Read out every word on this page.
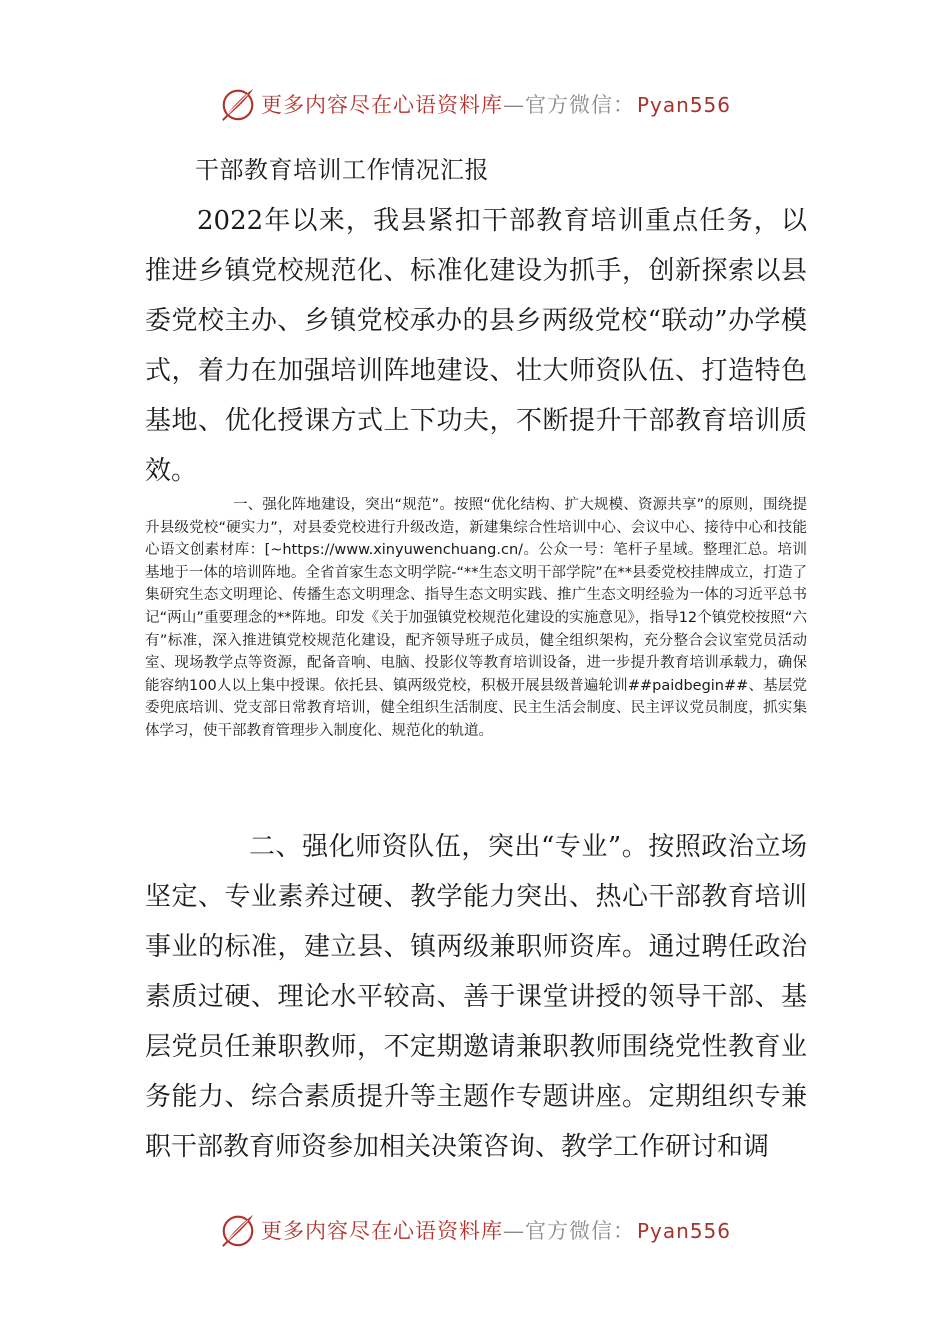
更多内容尽在心语资料库—官方微信： Pyan556
干部教育培训工作情况汇报

2022年以来，我县紧扣干部教育培训重点任务，以推进乡镇党校规范化、标准化建设为抓手，创新探索以县委党校主办、乡镇党校承办的县乡两级党校“联动”办学模式，着力在加强培训阵地建设、壮大师资队伍、打造特色基地、优化授课方式上下功夫，不断提升干部教育培训质效。

一、强化阵地建设，突出“规范”。按照“优化结构、扩大规模、资源共享”的原则，围绕提升县级党校“硬实力”，对县委党校进行升级改造，新建集综合性培训中心、会议中心、接待中心和技能心语文创素材库：[~https://www.xinyuwenchuang.cn/。公众一号：笔杆子星域。整理汇总。培训基地于一体的培训阵地。全省首家生态文明学院-“**生态文明干部学院”在**县委党校挂牌成立，打造了集研究生态文明理论、传播生态文明理念、指导生态文明实践、推广生态文明经验为一体的习近平总书记“两山”重要理念的**阵地。印发《关于加强镇党校规范化建设的实施意见》，指导12个镇党校按照“六有”标准，深入推进镇党校规范化建设，配齐领导班子成员，健全组织架构，充分整合会议室党员活动室、现场教学点等资源，配备音响、电脑、投影仪等教育培训设备，进一步提升教育培训承载力，确保能容纳100人以上集中授课。依托县、镇两级党校，积极开展县级普遍轮训##paidbegin##、基层党委兜底培训、党支部日常教育培训，健全组织生活制度、民主生活会制度、民主评议党员制度，抓实集体学习，使干部教育管理步入制度化、规范化的轨道。

二、强化师资队伍，突出“专业”。按照政治立场坚定、专业素养过硬、教学能力突出、热心干部教育培训事业的标准，建立县、镇两级兼职师资库。通过聘任政治素质过硬、理论水平较高、善于课堂讲授的领导干部、基层党员任兼职教师，不定期邀请兼职教师围绕党性教育业务能力、综合素质提升等主题作专题讲座。定期组织专兼职干部教育师资参加相关决策咨询、教学工作研讨和调

更多内容尽在心语资料库—官方微信： Pyan556
